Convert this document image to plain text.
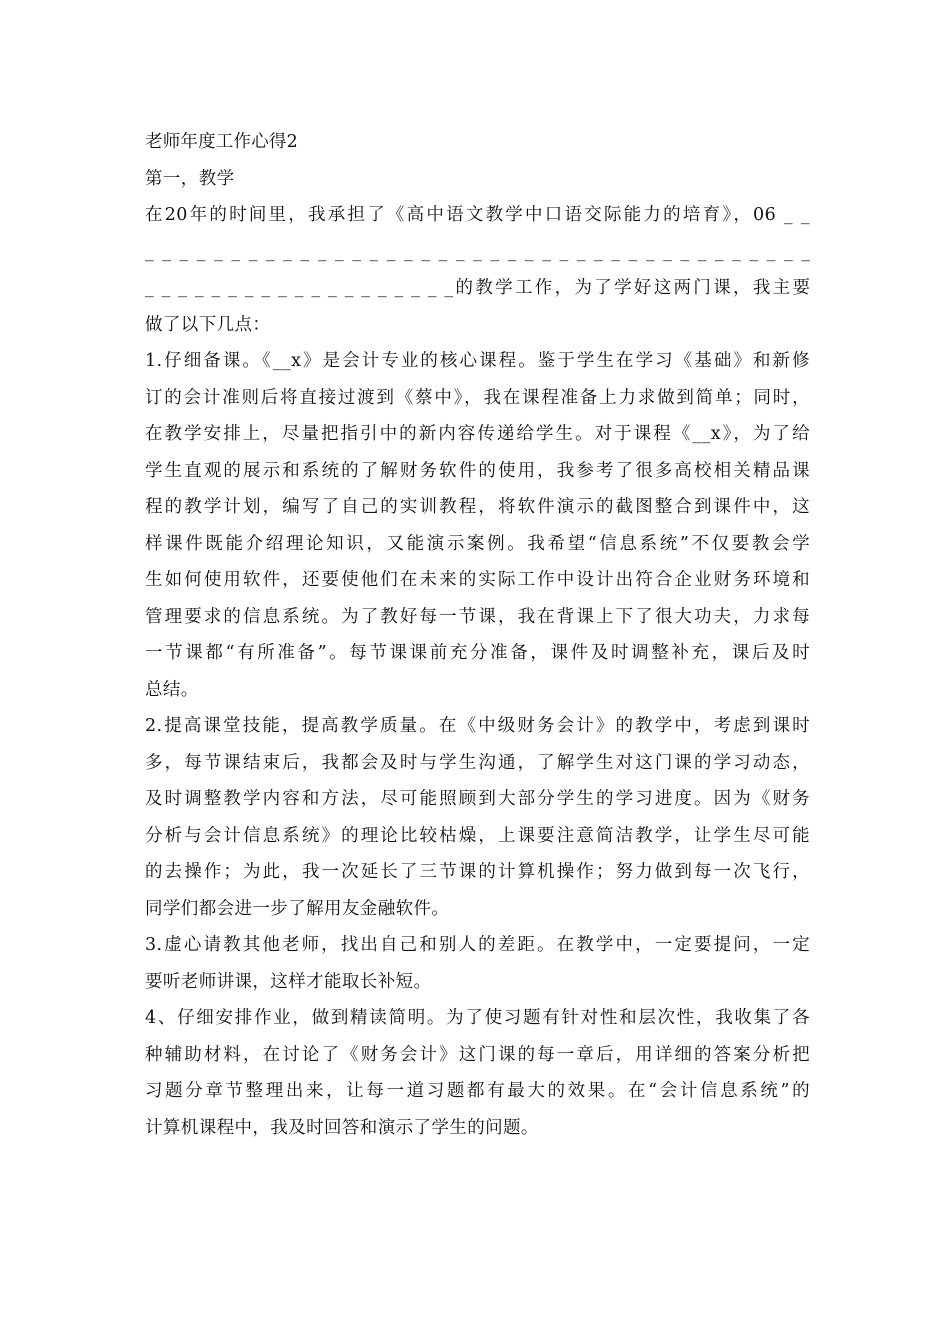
老师年度工作心得2
第一，教学
在20年的时间里，我承担了《高中语文教学中口语交际能力的培育》，06 _ _
_ _ _ _ _ _ _ _ _ _ _ _ _ _ _ _ _ _ _ _ _ _ _ _ _ _ _ _ _ _ _ _ _ _ _ _ _ _ _
_ _ _ _ _ _ _ _ _ _ _ _ _ _ _ _ _ _ _的教学工作，为了学好这两门课，我主要
做了以下几点：
1.仔细备课。《__x》是会计专业的核心课程。鉴于学生在学习《基础》和新修
订的会计准则后将直接过渡到《蔡中》，我在课程准备上力求做到简单；同时，
在教学安排上，尽量把指引中的新内容传递给学生。对于课程《__x》，为了给
学生直观的展示和系统的了解财务软件的使用，我参考了很多高校相关精品课
程的教学计划，编写了自己的实训教程，将软件演示的截图整合到课件中，这
样课件既能介绍理论知识，又能演示案例。我希望“信息系统”不仅要教会学
生如何使用软件，还要使他们在未来的实际工作中设计出符合企业财务环境和
管理要求的信息系统。为了教好每一节课，我在背课上下了很大功夫，力求每
一节课都“有所准备”。每节课课前充分准备，课件及时调整补充，课后及时
总结。
2.提高课堂技能，提高教学质量。在《中级财务会计》的教学中，考虑到课时
多，每节课结束后，我都会及时与学生沟通，了解学生对这门课的学习动态，
及时调整教学内容和方法，尽可能照顾到大部分学生的学习进度。因为《财务
分析与会计信息系统》的理论比较枯燥，上课要注意简洁教学，让学生尽可能
的去操作；为此，我一次延长了三节课的计算机操作；努力做到每一次飞行，
同学们都会进一步了解用友金融软件。
3.虚心请教其他老师，找出自己和别人的差距。在教学中，一定要提问，一定
要听老师讲课，这样才能取长补短。
4、仔细安排作业，做到精读简明。为了使习题有针对性和层次性，我收集了各
种辅助材料，在讨论了《财务会计》这门课的每一章后，用详细的答案分析把
习题分章节整理出来，让每一道习题都有最大的效果。在“会计信息系统”的
计算机课程中，我及时回答和演示了学生的问题。
